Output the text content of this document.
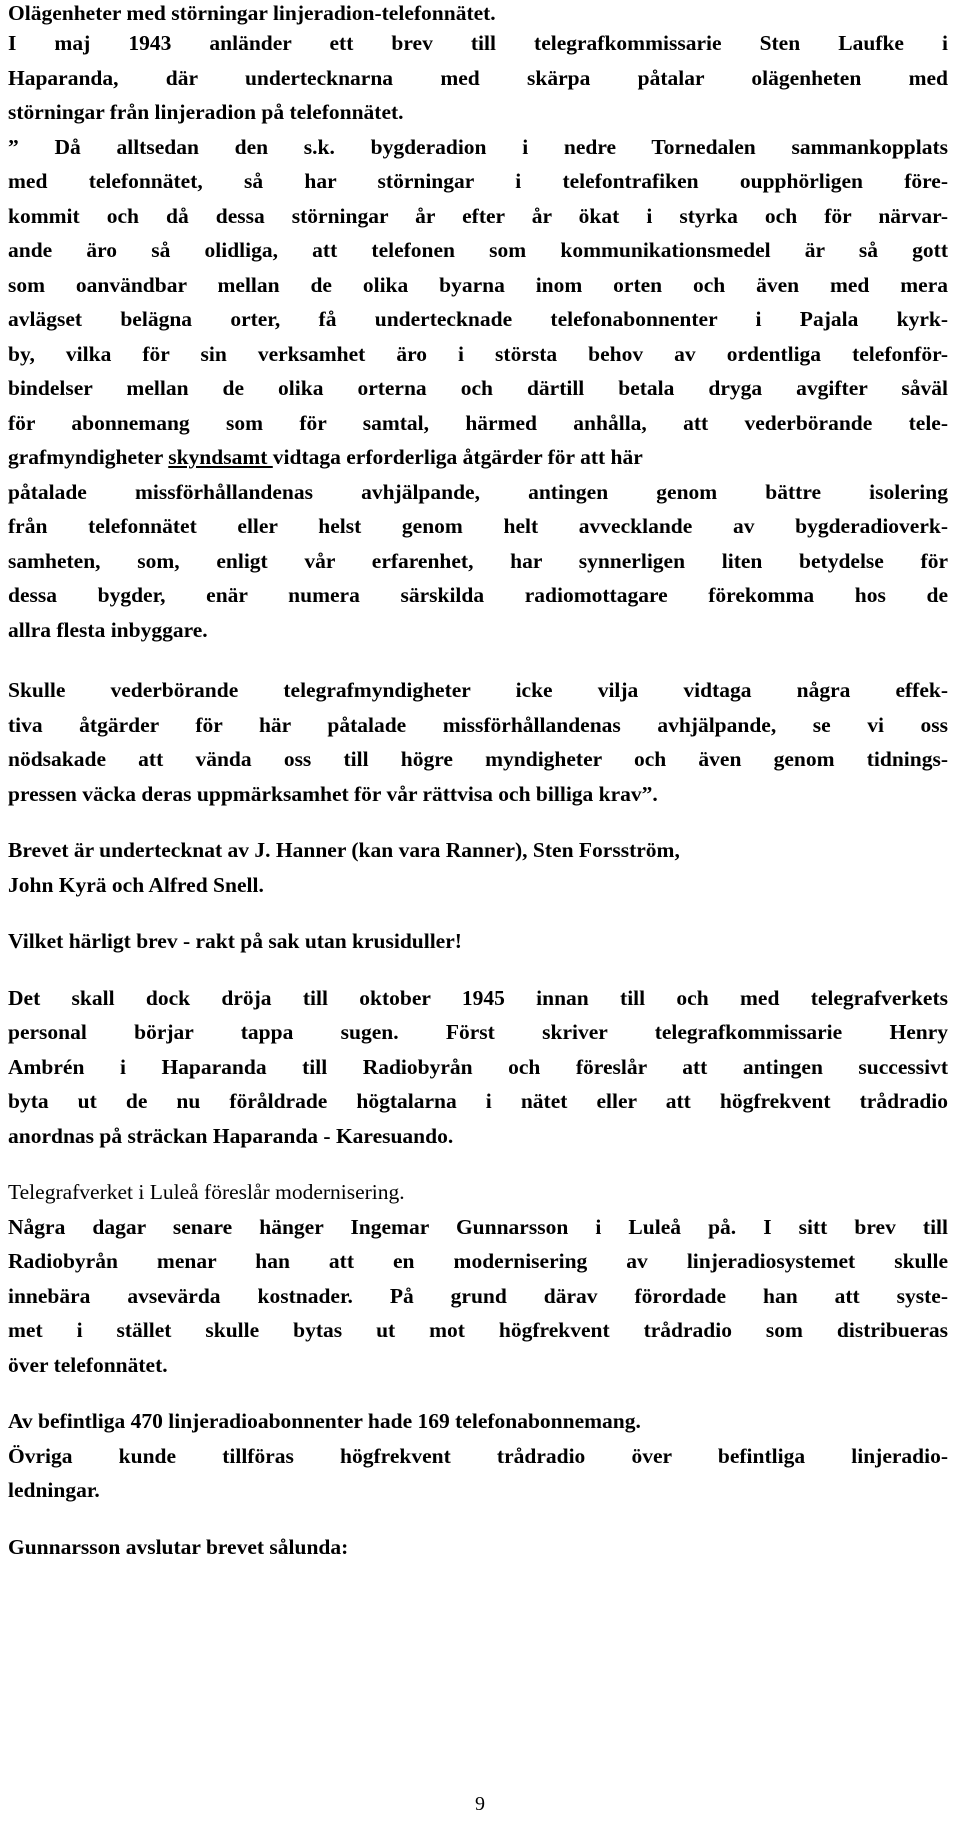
Olägenheter med störningar linjeradion-telefonnätet.
I maj 1943 anländer ett brev till telegrafkommissarie Sten Laufke i
Haparanda, där undertecknarna med skärpa påtalar olägenheten med
störningar från linjeradion på telefonnätet.
” Då alltsedan den s.k. bygderadion i nedre Tornedalen sammankopplats
med telefonnätet, så har störningar i telefontrafiken oupphörligen före-
kommit och då dessa störningar år efter år ökat i styrka och för närvar-
ande äro så olidliga, att telefonen som kommunikationsmedel är så gott
som oanvändbar mellan de olika byarna inom orten och även med mera
avlägset belägna orter, få undertecknade telefonabonnenter i Pajala kyrk-
by, vilka för sin verksamhet äro i största behov av ordentliga telefonför-
bindelser mellan de olika orterna och därtill betala dryga avgifter såväl
för abonnemang som för samtal, härmed anhålla, att vederbörande tele-
grafmyndigheter skyndsamt vidtaga erforderliga åtgärder för att här
påtalade missförhållandenas avhjälpande, antingen genom bättre isolering
från telefonnätet eller helst genom helt avvecklande av bygderadioverk-
samheten, som, enligt vår erfarenhet, har synnerligen liten betydelse för
dessa bygder, enär numera särskilda radiomottagare förekomma hos de
allra flesta inbyggare.
Skulle vederbörande telegrafmyndigheter icke vilja vidtaga några effek-
tiva åtgärder för här påtalade missförhållandenas avhjälpande, se vi oss
nödsakade att vända oss till högre myndigheter och även genom tidnings-
pressen väcka deras uppmärksamhet för vår rättvisa och billiga krav”.
Brevet är undertecknat av J. Hanner (kan vara Ranner), Sten Forsström,
John Kyrä och Alfred Snell.
Vilket härligt brev - rakt på sak utan krusiduller!
Det skall dock dröja till oktober 1945 innan till och med telegrafverkets
personal börjar tappa sugen. Först skriver telegrafkommissarie Henry
Ambrén i Haparanda till Radiobyrån och föreslår att antingen successivt
byta ut de nu föråldrade högtalarna i nätet eller att högfrekvent trådradio
anordnas på sträckan Haparanda - Karesuando.
Telegrafverket i Luleå föreslår modernisering.
Några dagar senare hänger Ingemar Gunnarsson i Luleå på. I sitt brev till
Radiobyrån menar han att en modernisering av linjeradiosystemet skulle
innebära avsevärda kostnader. På grund därav förordade han att syste-
met i stället skulle bytas ut mot högfrekvent trådradio som distribueras
över telefonnätet.
Av befintliga 470 linjeradioabonnenter hade 169 telefonabonnemang.
Övriga kunde tillföras högfrekvent trådradio över befintliga linjeradio-
ledningar.
Gunnarsson avslutar brevet sålunda:
9
